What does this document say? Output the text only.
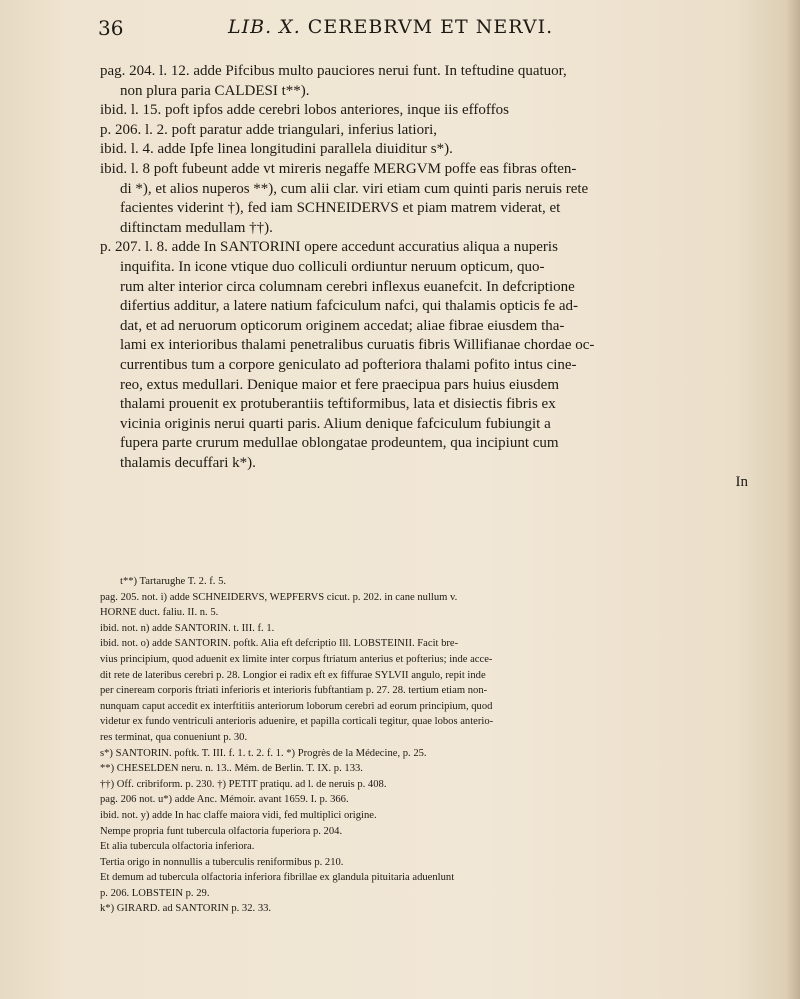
36	LIB. X. CEREBRVM ET NERVI.
pag. 204. l. 12. adde Pifcibus multo pauciores nerui funt. In teftudine quatuor,
non plura paria CALDESI t**).
ibid. l. 15. poft ipfos adde cerebri lobos anteriores, inque iis effoffos
p. 206. l. 2. poft paratur adde triangulari, inferius latiori,
ibid. l. 4. adde Ipfe linea longitudini parallela diuiditur s*).
ibid. l. 8 poft fubeunt adde vt mireris negaffe MERGVM poffe eas fibras often-
di *), et alios nuperos **), cum alii clar. viri etiam cum quinti paris neruis rete
facientes viderint †), fed iam SCHNEIDERVS et piam matrem viderat, et
diftinctam medullam ††).
p. 207. l. 8. adde In SANTORINI opere accedunt accuratius aliqua a nuperis
inquifita. In icone vtique duo colliculi ordiuntur neruum opticum, quo-
rum alter interior circa columnam cerebri inflexus euanefcit. In defcriptione
difertius additur, a latere natium fafciculum nafci, qui thalamis opticis fe ad-
dat, et ad neruorum opticorum originem accedat; aliae fibrae eiusdem tha-
lami ex interioribus thalami penetralibus curuatis fibris Willifianae chordae oc-
currentibus tum a corpore geniculato ad pofteriora thalami pofito intus cine-
reo, extus medullari. Denique maior et fere praecipua pars huius eiusdem
thalami prouenit ex protuberantiis teftiformibus, lata et disiectis fibris ex
vicinia originis nerui quarti paris. Alium denique fafciculum fubiungit a
fupera parte crurum medullae oblongatae prodeuntem, qua incipiunt cum
thalamis decuffari k*).
In
t**) Tartarughe T. 2. f. 5.
pag. 205. not. i) adde SCHNEIDERVS, WEPFERVS cicut. p. 202. in cane nullum v.
HORNE duct. faliu. II. n. 5.
ibid. not. n) adde SANTORIN. t. III. f. 1.
ibid. not. o) adde SANTORIN. poftk. Alia eft defcriptio Ill. LOBSTEINII. Facit bre-
vius principium, quod aduenit ex limite inter corpus ftriatum anterius et pofterius; inde acce-
dit rete de lateribus cerebri p. 28. Longior ei radix eft ex fiffurae SYLVII angulo, repit inde
per cineream corporis ftriati inferioris et interioris fubftantiam p. 27. 28. tertium etiam non-
nunquam caput accedit ex interftitiis anteriorum loborum cerebri ad eorum principium, quod
videtur ex fundo ventriculi anterioris aduenire, et papilla corticali tegitur, quae lobos anterio-
res terminat, qua conueniunt p. 30.
s*) SANTORIN. poftk. T. III. f. 1. t. 2. f. 1. *) Progrès de la Médecine, p. 25.
**) CHESELDEN neru. n. 13.. Mém. de Berlin. T. IX. p. 133.
††) Off. cribriform. p. 230. †) PETIT pratiqu. ad l. de neruis p. 408.
pag. 206 not. u*) adde Anc. Mémoir. avant 1659. I. p. 366.
ibid. not. y) adde In hac claffe maiora vidi, fed multiplici origine.
Nempe propria funt tubercula olfactoria fuperiora p. 204.
Et alia tubercula olfactoria inferiora.
Tertia origo in nonnullis a tuberculis reniformibus p. 210.
Et demum ad tubercula olfactoria inferiora fibrillae ex glandula pituitaria aduenlunt
p. 206. LOBSTEIN p. 29.
k*) GIRARD. ad SANTORIN p. 32. 33.
